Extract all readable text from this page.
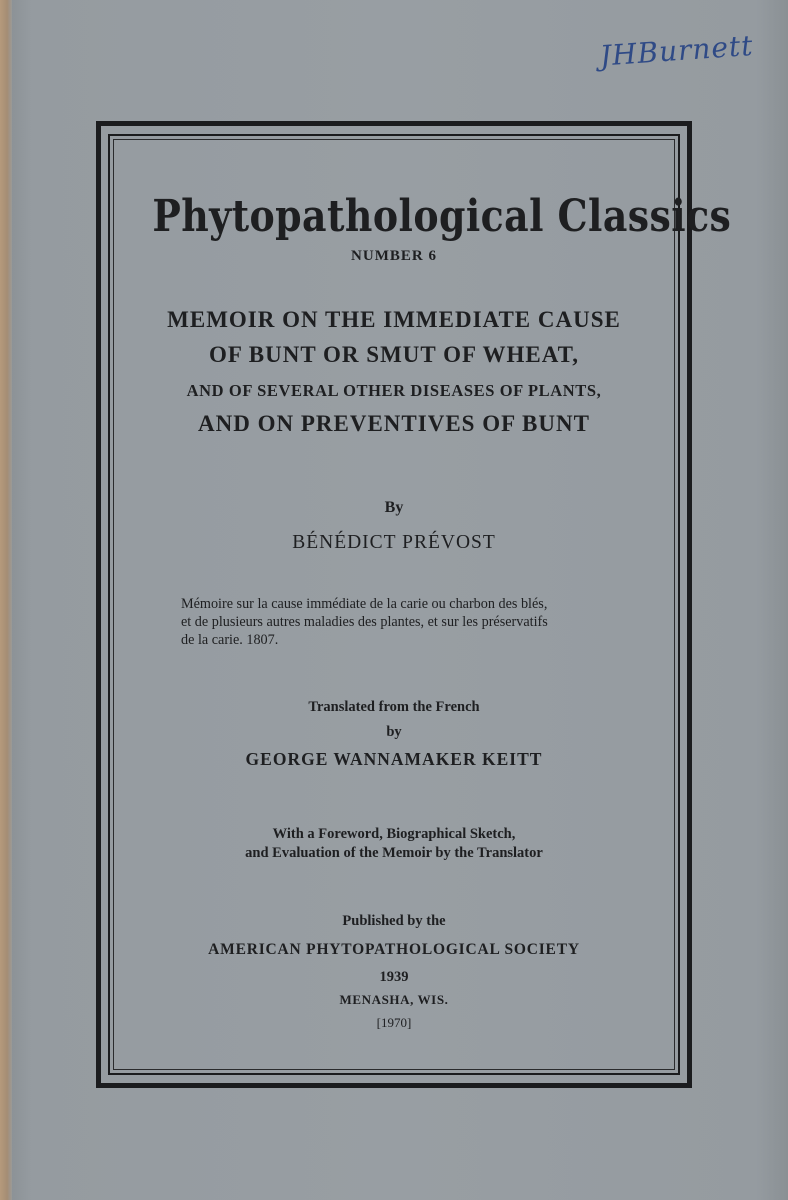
JHBurnett
Phytopathological Classics
NUMBER 6
MEMOIR ON THE IMMEDIATE CAUSE
OF BUNT OR SMUT OF WHEAT,
AND OF SEVERAL OTHER DISEASES OF PLANTS,
AND ON PREVENTIVES OF BUNT
By
BÉNÉDICT PRÉVOST
Mémoire sur la cause immédiate de la carie ou charbon des blés,
et de plusieurs autres maladies des plantes, et sur les préservatifs
de la carie. 1807.
Translated from the French
by
GEORGE WANNAMAKER KEITT
With a Foreword, Biographical Sketch,
and Evaluation of the Memoir by the Translator
Published by the
AMERICAN PHYTOPATHOLOGICAL SOCIETY
1939
MENASHA, WIS.
[1970]
